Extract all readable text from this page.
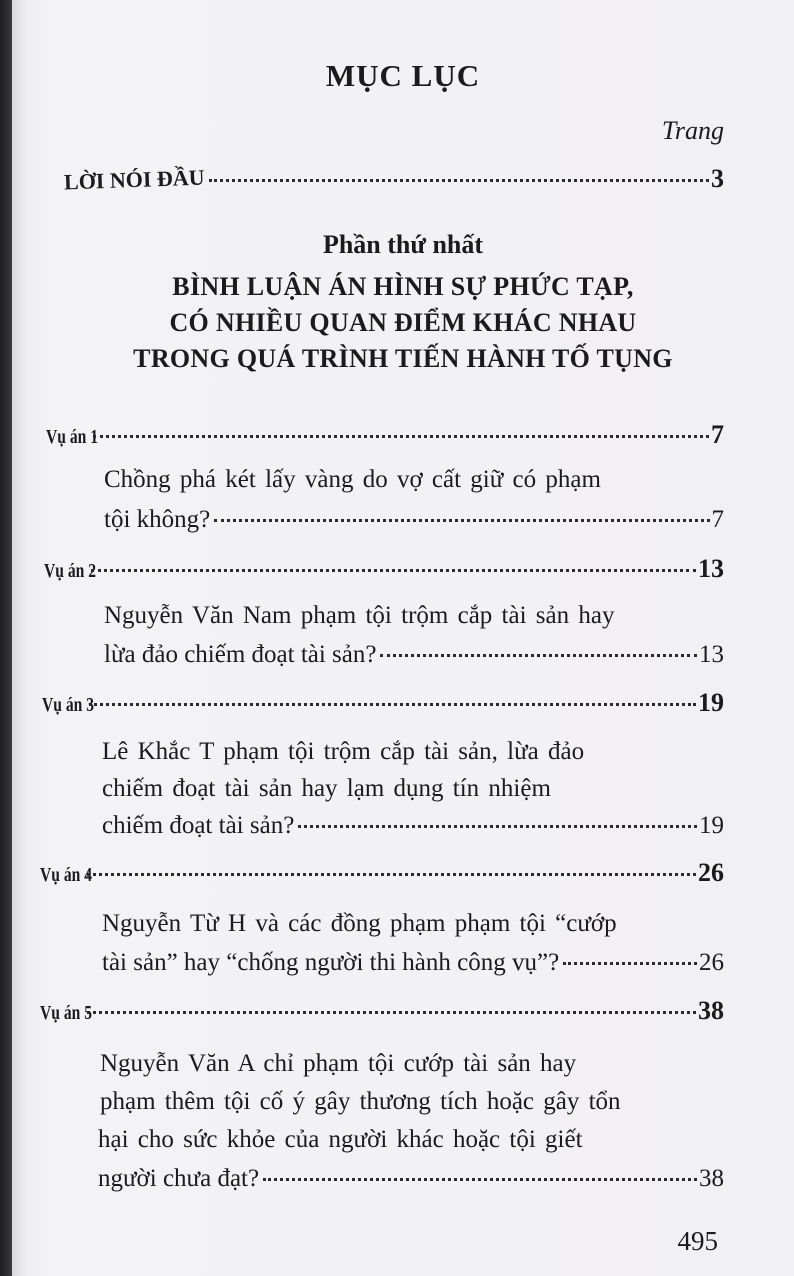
MỤC LỤC
Trang
LỜI NÓI ĐẦU	3
Phần thứ nhất
BÌNH LUẬN ÁN HÌNH SỰ PHỨC TẠP,
CÓ NHIỀU QUAN ĐIỂM KHÁC NHAU
TRONG QUÁ TRÌNH TIẾN HÀNH TỐ TỤNG
Vụ án 1	7
Chồng phá két lấy vàng do vợ cất giữ có phạm
tội không?	7
Vụ án 2	13
Nguyễn Văn Nam phạm tội trộm cắp tài sản hay
lừa đảo chiếm đoạt tài sản?	13
Vụ án 3	19
Lê Khắc T phạm tội trộm cắp tài sản, lừa đảo
chiếm đoạt tài sản hay lạm dụng tín nhiệm
chiếm đoạt tài sản?	19
Vụ án 4	26
Nguyễn Từ H và các đồng phạm phạm tội “cướp
tài sản” hay “chống người thi hành công vụ”?	26
Vụ án 5	38
Nguyễn Văn A chỉ phạm tội cướp tài sản hay
phạm thêm tội cố ý gây thương tích hoặc gây tổn
hại cho sức khỏe của người khác hoặc tội giết
người chưa đạt?	38
495
